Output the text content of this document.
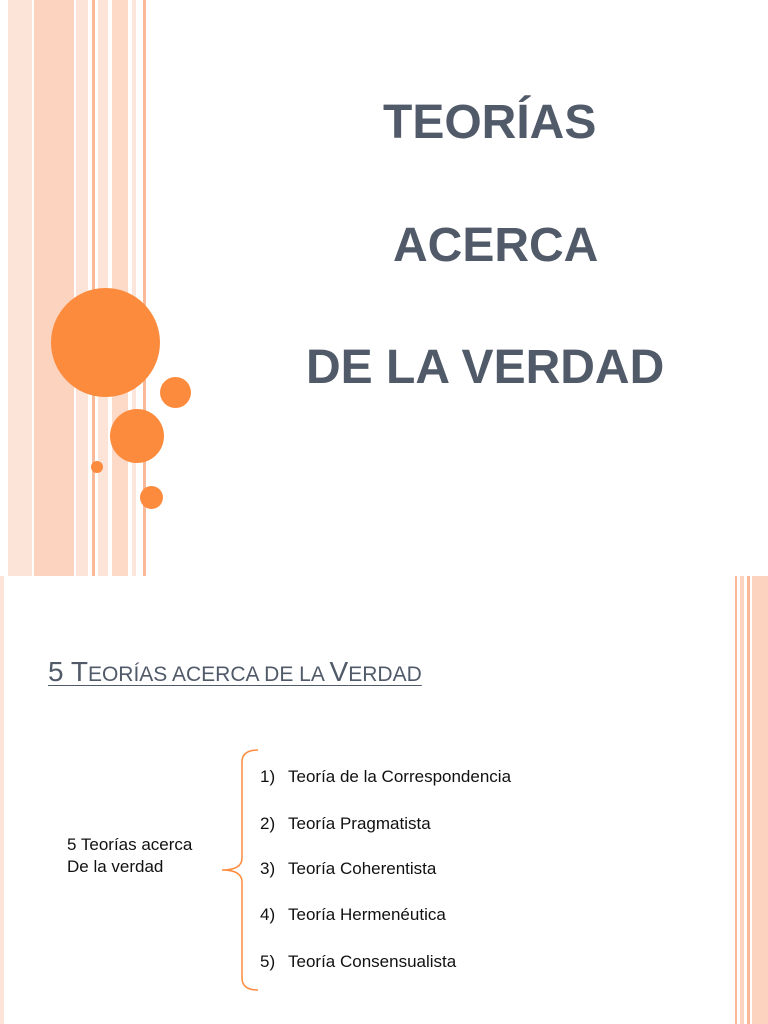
TEORÍAS
ACERCA
DE LA VERDAD
5 TEORÍAS ACERCA DE LA VERDAD
5 Teorías acerca
De la verdad
1) Teoría de la Correspondencia
2) Teoría Pragmatista
3) Teoría Coherentista
4) Teoría Hermenéutica
5) Teoría Consensualista
